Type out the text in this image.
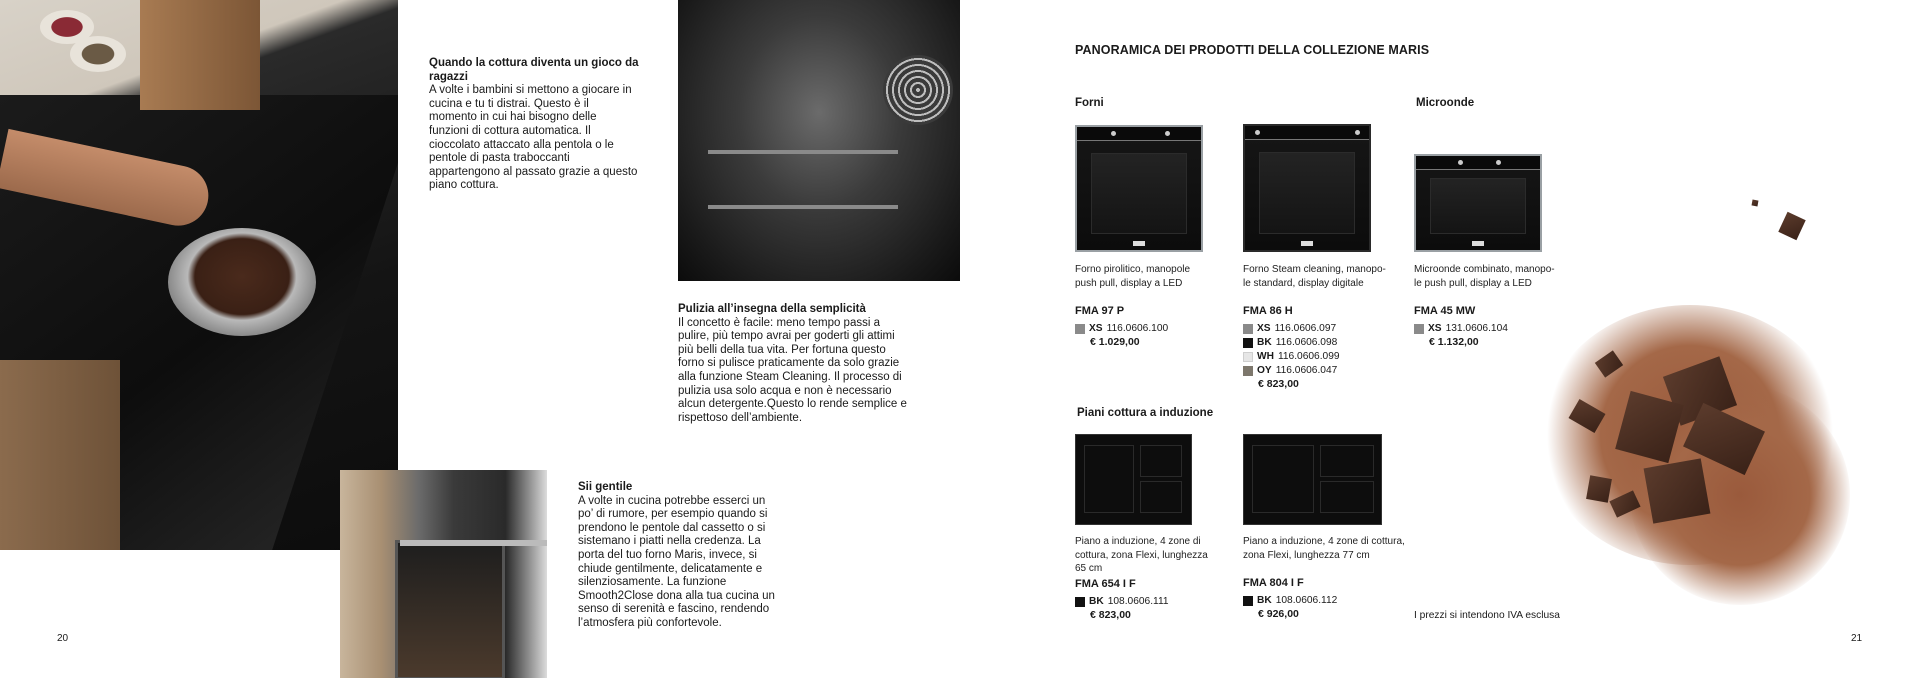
Quando la cottura diventa un gioco da ragazzi
A volte i bambini si mettono a giocare in cucina e tu ti distrai. Questo è il momento in cui hai bisogno delle funzioni di cottura automatica. Il cioccolato attaccato alla pentola o le pentole di pasta traboccanti appartengono al passato grazie a questo piano cottura.
Pulizia all’insegna della semplicità
Il concetto è facile: meno tempo passi a pulire, più tempo avrai per goderti gli attimi più belli della tua vita. Per fortuna questo forno si pulisce praticamente da solo grazie alla funzione Steam Cleaning. Il processo di pulizia usa solo acqua e non è necessario alcun detergente.Questo lo rende semplice e rispettoso dell’ambiente.
Sii gentile
A volte in cucina potrebbe esserci un po’ di rumore, per esempio quando si prendono le pentole dal cassetto o si sistemano i piatti nella credenza. La porta del tuo forno Maris, invece, si chiude gentilmente, delicatamente e silenziosamente. La funzione Smooth2Close dona alla tua cucina un senso di serenità e fascino, rendendo l’atmosfera più confortevole.
20
PANORAMICA DEI PRODOTTI DELLA COLLEZIONE MARIS
Forni	Microonde
Piani cottura a induzione
Forno pirolitico, manopole
push pull, display a LED
FMA 97 P
XS 116.0606.100
€ 1.029,00
Forno Steam cleaning, manopo-
le standard, display digitale
FMA 86 H
XS 116.0606.097
BK 116.0606.098
WH 116.0606.099
OY 116.0606.047
€ 823,00
Microonde combinato, manopo-
le push pull, display a LED
FMA 45 MW
XS 131.0606.104
€ 1.132,00
Piano a induzione, 4 zone di
cottura, zona Flexi, lunghezza
65 cm
FMA 654 I F
BK 108.0606.111
€ 823,00
Piano a induzione, 4 zone di cottura,
zona Flexi, lunghezza 77 cm
FMA 804 I F
BK 108.0606.112
€ 926,00	I prezzi si intendono IVA esclusa
21
